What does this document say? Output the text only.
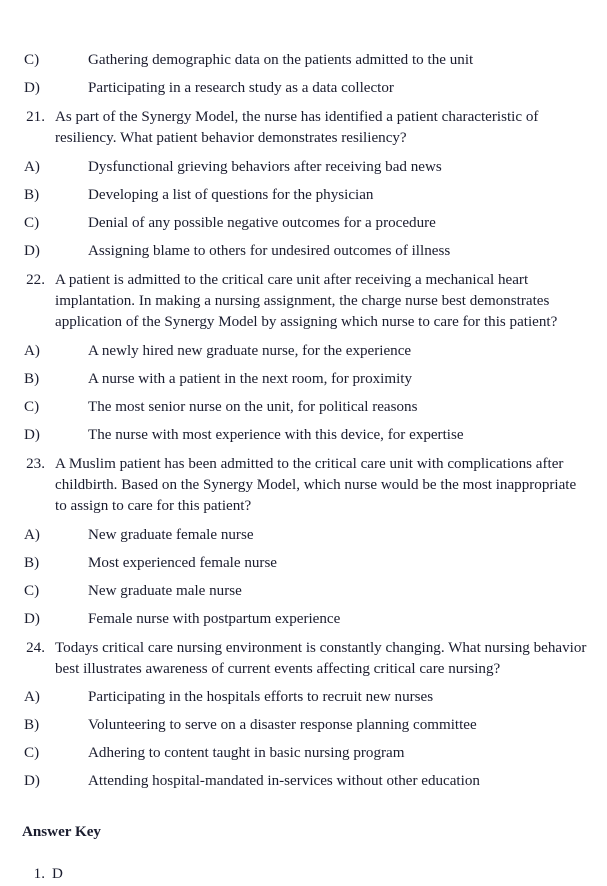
C)	Gathering demographic data on the patients admitted to the unit
D)	Participating in a research study as a data collector
21. As part of the Synergy Model, the nurse has identified a patient characteristic of resiliency. What patient behavior demonstrates resiliency?
A)	Dysfunctional grieving behaviors after receiving bad news
B)	Developing a list of questions for the physician
C)	Denial of any possible negative outcomes for a procedure
D)	Assigning blame to others for undesired outcomes of illness
22. A patient is admitted to the critical care unit after receiving a mechanical heart implantation. In making a nursing assignment, the charge nurse best demonstrates application of the Synergy Model by assigning which nurse to care for this patient?
A)	A newly hired new graduate nurse, for the experience
B)	A nurse with a patient in the next room, for proximity
C)	The most senior nurse on the unit, for political reasons
D)	The nurse with most experience with this device, for expertise
23. A Muslim patient has been admitted to the critical care unit with complications after childbirth. Based on the Synergy Model, which nurse would be the most inappropriate to assign to care for this patient?
A)	New graduate female nurse
B)	Most experienced female nurse
C)	New graduate male nurse
D)	Female nurse with postpartum experience
24. Todays critical care nursing environment is constantly changing. What nursing behavior best illustrates awareness of current events affecting critical care nursing?
A)	Participating in the hospitals efforts to recruit new nurses
B)	Volunteering to serve on a disaster response planning committee
C)	Adhering to content taught in basic nursing program
D)	Attending hospital-mandated in-services without other education
Answer Key
1. D
